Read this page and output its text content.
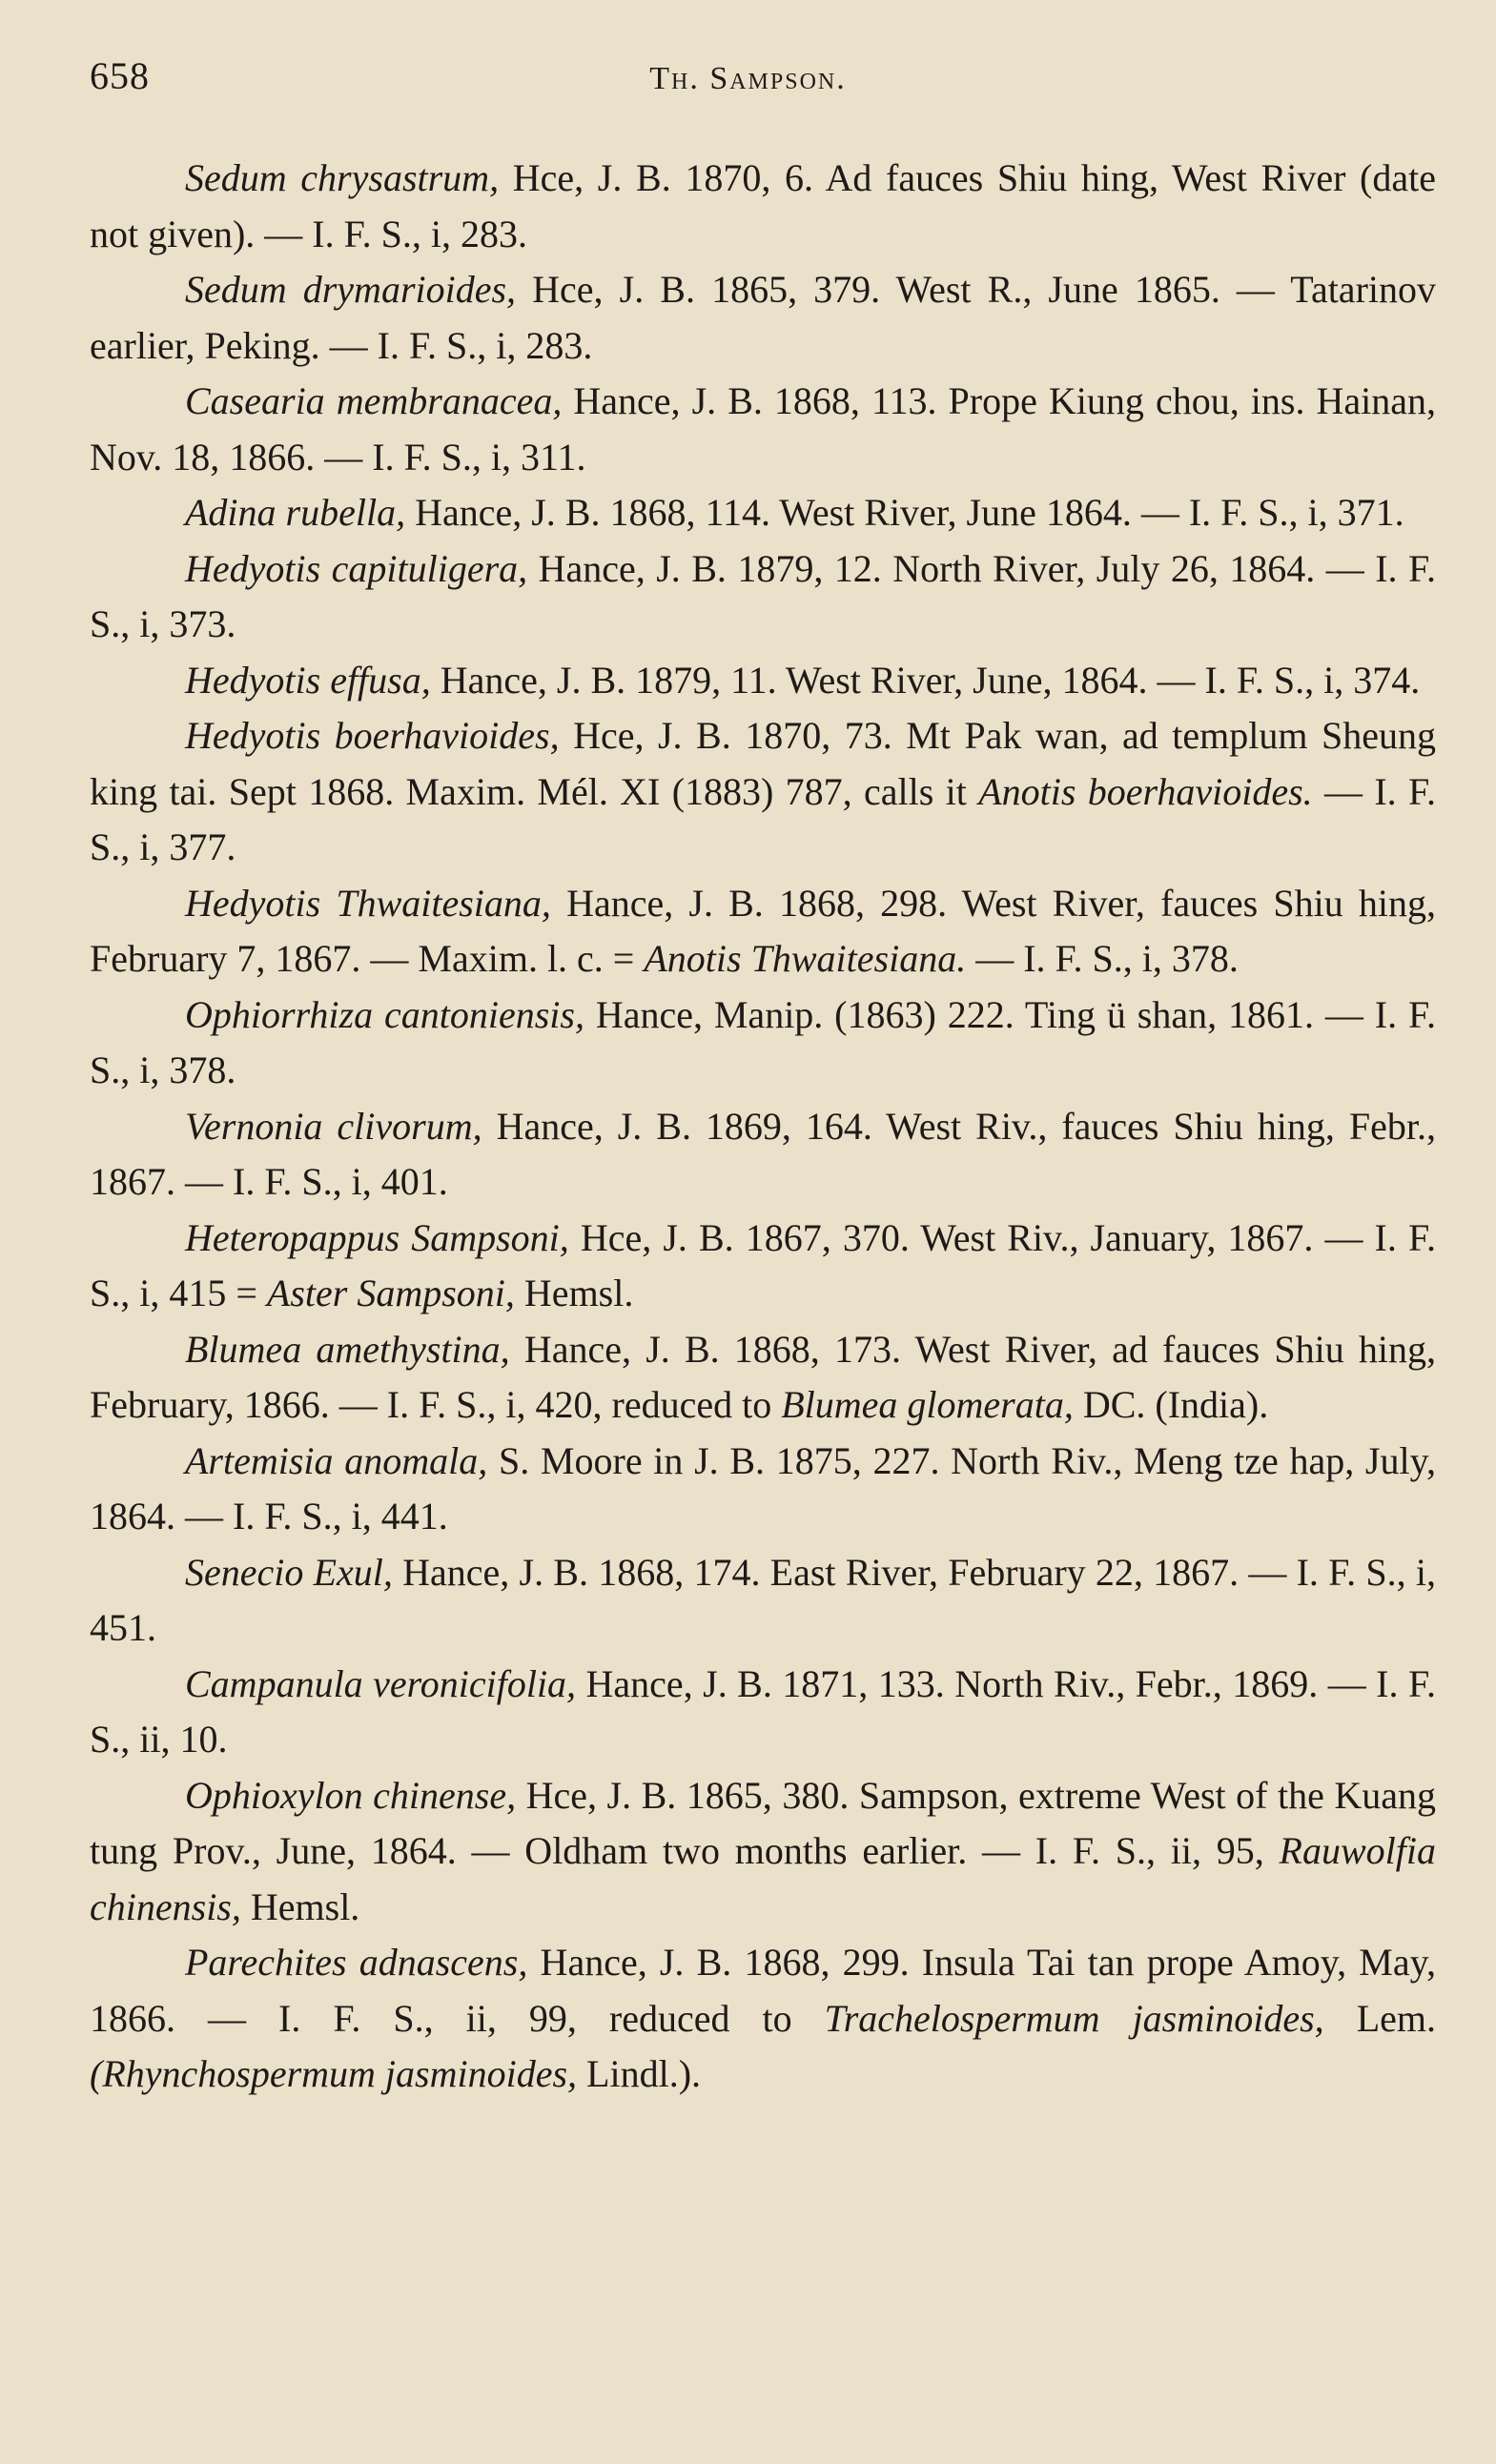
658	Th. Sampson.

Sedum chrysastrum, Hce, J. B. 1870, 6. Ad fauces Shiu hing, West River (date not given). — I. F. S., i, 283.

Sedum drymarioides, Hce, J. B. 1865, 379. West R., June 1865. — Tatarinov earlier, Peking. — I. F. S., i, 283.

Casearia membranacea, Hance, J. B. 1868, 113. Prope Kiung chou, ins. Hainan, Nov. 18, 1866. — I. F. S., i, 311.

Adina rubella, Hance, J. B. 1868, 114. West River, June 1864. — I. F. S., i, 371.

Hedyotis capituligera, Hance, J. B. 1879, 12. North River, July 26, 1864. — I. F. S., i, 373.

Hedyotis effusa, Hance, J. B. 1879, 11. West River, June, 1864. — I. F. S., i, 374.

Hedyotis boerhavioides, Hce, J. B. 1870, 73. Mt Pak wan, ad templum Sheung king tai. Sept 1868. Maxim. Mél. XI (1883) 787, calls it Anotis boerhavioides. — I. F. S., i, 377.

Hedyotis Thwaitesiana, Hance, J. B. 1868, 298. West River, fauces Shiu hing, February 7, 1867. — Maxim. l. c. = Anotis Thwaitesiana. — I. F. S., i, 378.

Ophiorrhiza cantoniensis, Hance, Manip. (1863) 222. Ting ü shan, 1861. — I. F. S., i, 378.

Vernonia clivorum, Hance, J. B. 1869, 164. West Riv., fauces Shiu hing, Febr., 1867. — I. F. S., i, 401.

Heteropappus Sampsoni, Hce, J. B. 1867, 370. West Riv., January, 1867. — I. F. S., i, 415 = Aster Sampsoni, Hemsl.

Blumea amethystina, Hance, J. B. 1868, 173. West River, ad fauces Shiu hing, February, 1866. — I. F. S., i, 420, reduced to Blumea glomerata, DC. (India).

Artemisia anomala, S. Moore in J. B. 1875, 227. North Riv., Meng tze hap, July, 1864. — I. F. S., i, 441.

Senecio Exul, Hance, J. B. 1868, 174. East River, February 22, 1867. — I. F. S., i, 451.

Campanula veronicifolia, Hance, J. B. 1871, 133. North Riv., Febr., 1869. — I. F. S., ii, 10.

Ophioxylon chinense, Hce, J. B. 1865, 380. Sampson, extreme West of the Kuang tung Prov., June, 1864. — Oldham two months earlier. — I. F. S., ii, 95, Rauwolfia chinensis, Hemsl.

Parechites adnascens, Hance, J. B. 1868, 299. Insula Tai tan prope Amoy, May, 1866. — I. F. S., ii, 99, reduced to Trachelospermum jasminoides, Lem. (Rhynchospermum jasminoides, Lindl.).
